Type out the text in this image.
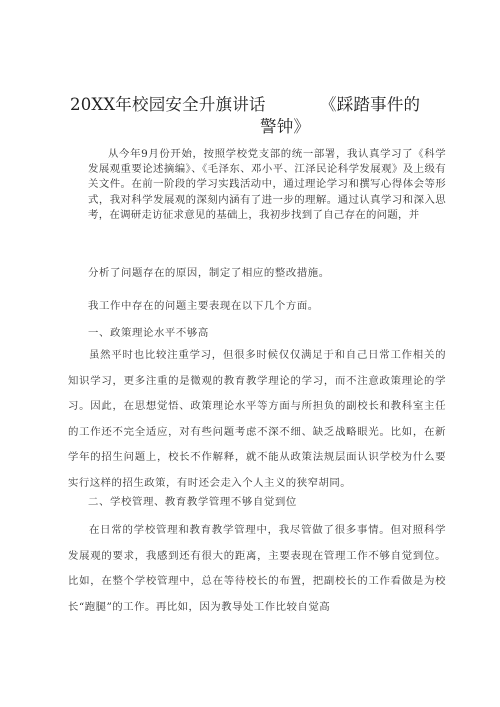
20XX年校园安全升旗讲话          《踩踏事件的
警钟》
从今年9月份开始，按照学校党支部的统一部署，我认真学习了《科学发展观重要论述摘编》、《毛泽东、邓小平、江泽民论科学发展观》及上级有关文件。在前一阶段的学习实践活动中，通过理论学习和撰写心得体会等形式，我对科学发展观的深刻内涵有了进一步的理解。通过认真学习和深入思考，在调研走访征求意见的基础上，我初步找到了自己存在的问题，并
分析了问题存在的原因，制定了相应的整改措施。
我工作中存在的问题主要表现在以下几个方面。
一、政策理论水平不够高
虽然平时也比较注重学习，但很多时候仅仅满足于和自己日常工作相关的知识学习，更多注重的是微观的教育教学理论的学习，而不注意政策理论的学习。因此，在思想觉悟、政策理论水平等方面与所担负的副校长和教科室主任的工作还不完全适应，对有些问题考虑不深不细、缺乏战略眼光。比如，在新学年的招生问题上，校长不作解释，就不能从政策法规层面认识学校为什么要实行这样的招生政策，有时还会走入个人主义的狭窄胡同。
二、学校管理、教育教学管理不够自觉到位
在日常的学校管理和教育教学管理中，我尽管做了很多事情。但对照科学发展观的要求，我感到还有很大的距离，主要表现在管理工作不够自觉到位。比如，在整个学校管理中，总在等待校长的布置，把副校长的工作看做是为校长“跑腿”的工作。再比如，因为教导处工作比较自觉高
